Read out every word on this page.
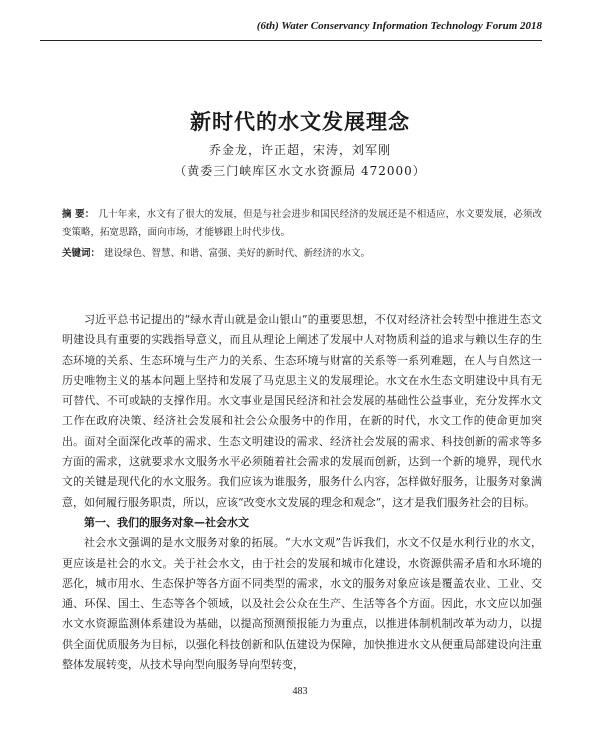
(6th) Water Conservancy Information Technology Forum 2018
新时代的水文发展理念
乔金龙，许正超，宋涛，刘军刚
（黄委三门峡库区水文水资源局 472000）
摘 要： 几十年来，水文有了很大的发展，但是与社会进步和国民经济的发展还是不相适应，水文要发展，必须改变策略，拓宽思路，面向市场，才能够跟上时代步伐。
关键词： 建设绿色、智慧、和谐、富强、美好的新时代、新经济的水文。

习近平总书记提出的“绿水青山就是金山银山”的重要思想，不仅对经济社会转型中推进生态文明建设具有重要的实践指导意义，而且从理论上阐述了发展中人对物质利益的追求与赖以生存的生态环境的关系、生态环境与生产力的关系、生态环境与财富的关系等一系列难题，在人与自然这一历史唯物主义的基本问题上坚持和发展了马克思主义的发展理论。水文在水生态文明建设中具有无可替代、不可或缺的支撑作用。水文事业是国民经济和社会发展的基础性公益事业，充分发挥水文工作在政府决策、经济社会发展和社会公众服务中的作用，在新的时代，水文工作的使命更加突出。面对全面深化改革的需求、生态文明建设的需求、经济社会发展的需求、科技创新的需求等多方面的需求，这就要求水文服务水平必须随着社会需求的发展而创新，达到一个新的境界，现代水文的关键是现代化的水文服务。我们应该为谁服务，服务什么内容，怎样做好服务，让服务对象满意，如何履行服务职责，所以，应该“改变水文发展的理念和观念”，这才是我们服务社会的目标。

第一、我们的服务对象—社会水文

社会水文强调的是水文服务对象的拓展。“大水文观”告诉我们，水文不仅是水利行业的水文，更应该是社会的水文。关于社会水文，由于社会的发展和城市化建设，水资源供需矛盾和水环境的恶化，城市用水、生态保护等各方面不同类型的需求，水文的服务对象应该是覆盖农业、工业、交通、环保、国土、生态等各个领域，以及社会公众在生产、生活等各个方面。因此，水文应以加强水文水资源监测体系建设为基础，以提高预测预报能力为重点，以推进体制机制改革为动力，以提供全面优质服务为目标，以强化科技创新和队伍建设为保障，加快推进水文从便重局部建设向注重整体发展转变，从技术导向型向服务导向型转变，

483
